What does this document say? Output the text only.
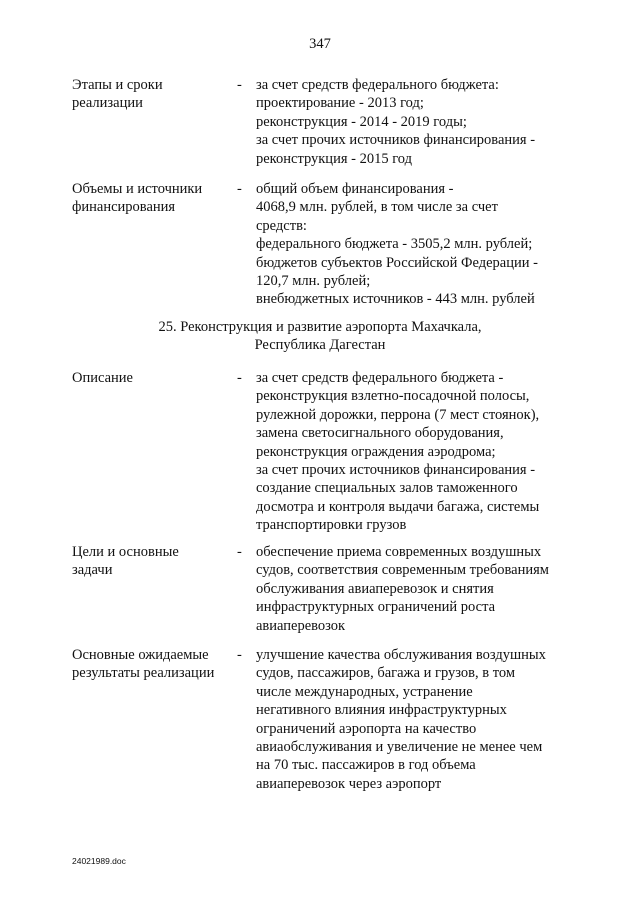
347
Этапы и сроки
реализации
- за счет средств федерального бюджета:
проектирование - 2013 год;
реконструкция - 2014 - 2019 годы;
за счет прочих источников финансирования -
реконструкция - 2015 год
Объемы и источники
финансирования
- общий объем финансирования -
4068,9 млн. рублей, в том числе за счет
средств:
федерального бюджета - 3505,2 млн. рублей;
бюджетов субъектов Российской Федерации -
120,7 млн. рублей;
внебюджетных источников - 443 млн. рублей
25. Реконструкция и развитие аэропорта Махачкала,
Республика Дагестан
Описание	- за счет средств федерального бюджета -
реконструкция взлетно-посадочной полосы,
рулежной дорожки, перрона (7 мест стоянок),
замена светосигнального оборудования,
реконструкция ограждения аэродрома;
за счет прочих источников финансирования -
создание специальных залов таможенного
досмотра и контроля выдачи багажа, системы
транспортировки грузов
Цели и основные
задачи
- обеспечение приема современных воздушных
судов, соответствия современным требованиям
обслуживания авиаперевозок и снятия
инфраструктурных ограничений роста
авиаперевозок
Основные ожидаемые
результаты реализации
- улучшение качества обслуживания воздушных
судов, пассажиров, багажа и грузов, в том
числе международных, устранение
негативного влияния инфраструктурных
ограничений аэропорта на качество
авиаобслуживания и увеличение не менее чем
на 70 тыс. пассажиров в год объема
авиаперевозок через аэропорт
24021989.doc
